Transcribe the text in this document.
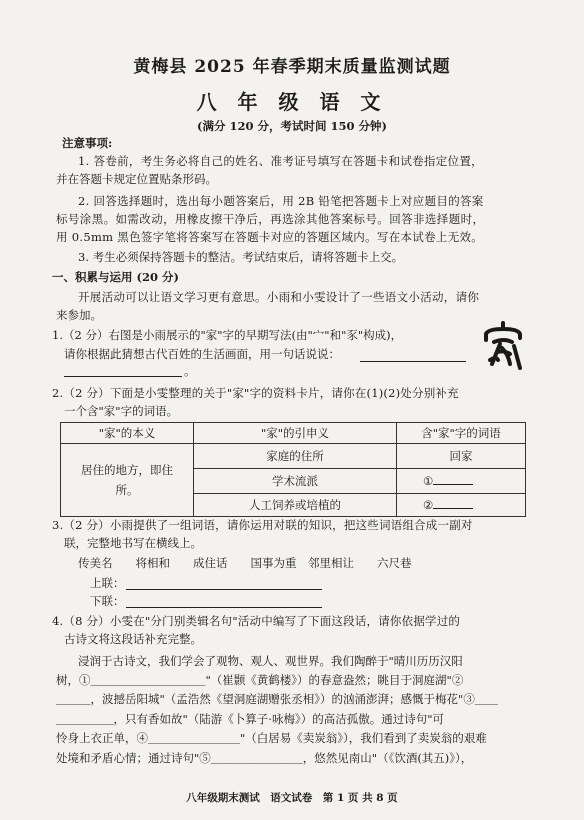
黄梅县 2025 年春季期末质量监测试题
八 年 级 语 文
(满分 120 分，考试时间 150 分钟)
注意事项:
1. 答卷前，考生务必将自己的姓名、准考证号填写在答题卡和试卷指定位置，
并在答题卡规定位置贴条形码。
2. 回答选择题时，选出每小题答案后，用 2B 铅笔把答题卡上对应题目的答案
标号涂黑。如需改动，用橡皮擦干净后，再选涂其他答案标号。回答非选择题时，
用 0.5mm 黑色签字笔将答案写在答题卡对应的答题区域内。写在本试卷上无效。
3. 考生必须保持答题卡的整洁。考试结束后，请将答题卡上交。
一、积累与运用 (20 分)
开展活动可以让语文学习更有意思。小雨和小雯设计了一些语文小活动，请你
来参加。
1.（2 分）右图是小雨展示的"家"字的早期写法(由"宀"和"豕"构成)，
请你根据此猜想古代百姓的生活画面，用一句话说说：
。
2.（2 分）下面是小雯整理的关于"家"字的资料卡片，请你在(1)(2)处分别补充
一个含"家"字的词语。
"家"的本义	"家"的引申义	含"家"字的词语
居住的地方，即住所。	家庭的住所	回家
	学术流派	①
	人工饲养或培植的	②
3.（2 分）小雨提供了一组词语，请你运用对联的知识，把这些词语组合成一副对
联，完整地书写在横线上。
传美名　　将相和　　成住话　　国事为重　邻里相让　　六尺巷
上联：
下联：
4.（8 分）小雯在"分门别类辑名句"活动中编写了下面这段话，请你依据学过的
古诗文将这段话补充完整。
浸润于古诗文，我们学会了观物、观人、观世界。我们陶醉于"晴川历历汉阳
树，①＿＿＿＿＿＿＿＿＿＿"（崔颢《黄鹤楼》）的春意盎然；眺目于洞庭湖"②
＿＿＿，波撼岳阳城"（孟浩然《望洞庭湖赠张丞相》）的汹涌澎湃；感慨于梅花"③＿＿
＿＿＿＿＿，只有香如故"（陆游《卜算子·咏梅》）的高洁孤傲。通过诗句"可
怜身上衣正单，④＿＿＿＿＿＿＿＿"（白居易《卖炭翁》），我们看到了卖炭翁的艰难
处境和矛盾心情；通过诗句"⑤＿＿＿＿＿＿＿＿，悠然见南山"（《饮酒(其五)》），
八年级期末测试　语文试卷　第 1 页 共 8 页
